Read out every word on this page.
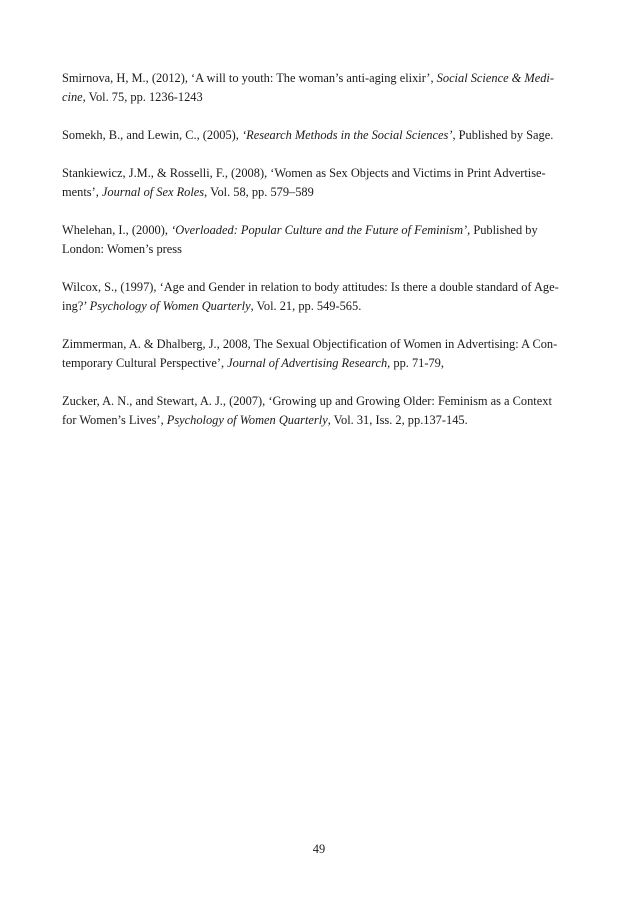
Smirnova, H, M., (2012), ‘A will to youth: The woman’s anti-aging elixir’, Social Science & Medi-
cine, Vol. 75, pp. 1236-1243
Somekh, B., and Lewin, C., (2005), ‘Research Methods in the Social Sciences’, Published by Sage.
Stankiewicz, J.M., & Rosselli, F., (2008), ‘Women as Sex Objects and Victims in Print Advertise-
ments’, Journal of Sex Roles, Vol. 58, pp. 579–589
Whelehan, I., (2000), ‘Overloaded: Popular Culture and the Future of Feminism’, Published by
London: Women’s press
Wilcox, S., (1997), ‘Age and Gender in relation to body attitudes: Is there a double standard of Age-
ing?’ Psychology of Women Quarterly, Vol. 21, pp. 549-565.
Zimmerman, A. & Dhalberg, J., 2008, The Sexual Objectification of Women in Advertising: A Con-
temporary Cultural Perspective’, Journal of Advertising Research, pp. 71-79,
Zucker, A. N., and Stewart, A. J., (2007), ‘Growing up and Growing Older: Feminism as a Context
for Women’s Lives’, Psychology of Women Quarterly, Vol. 31, Iss. 2, pp.137-145.
49
